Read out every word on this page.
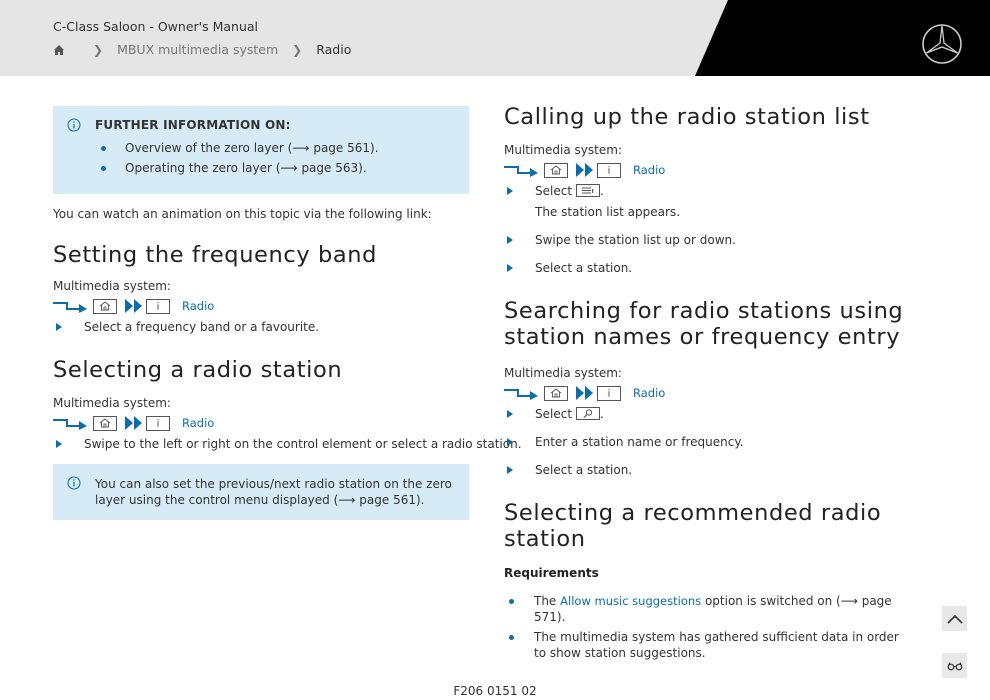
C-Class Saloon - Owner's Manual
❯ MBUX multimedia system ❯ Radio
FURTHER INFORMATION ON:
Overview of the zero layer (⟶ page 561).
Operating the zero layer (⟶ page 563).
You can watch an animation on this topic via the following link:
Setting the frequency band
Multimedia system:
Radio
Select a frequency band or a favourite.
Selecting a radio station
Multimedia system:
Radio
Swipe to the left or right on the control element or select a radio station.
You can also set the previous/next radio station on the zero layer using the control menu displayed (⟶ page 561).
Calling up the radio station list
Multimedia system:
Radio
Select .
The station list appears.
Swipe the station list up or down.
Select a station.
Searching for radio stations using station names or frequency entry
Multimedia system:
Radio
Select .
Enter a station name or frequency.
Select a station.
Selecting a recommended radio station
Requirements
The Allow music suggestions option is switched on (⟶ page 571).
The multimedia system has gathered sufficient data in order to show station suggestions.
F206 0151 02
